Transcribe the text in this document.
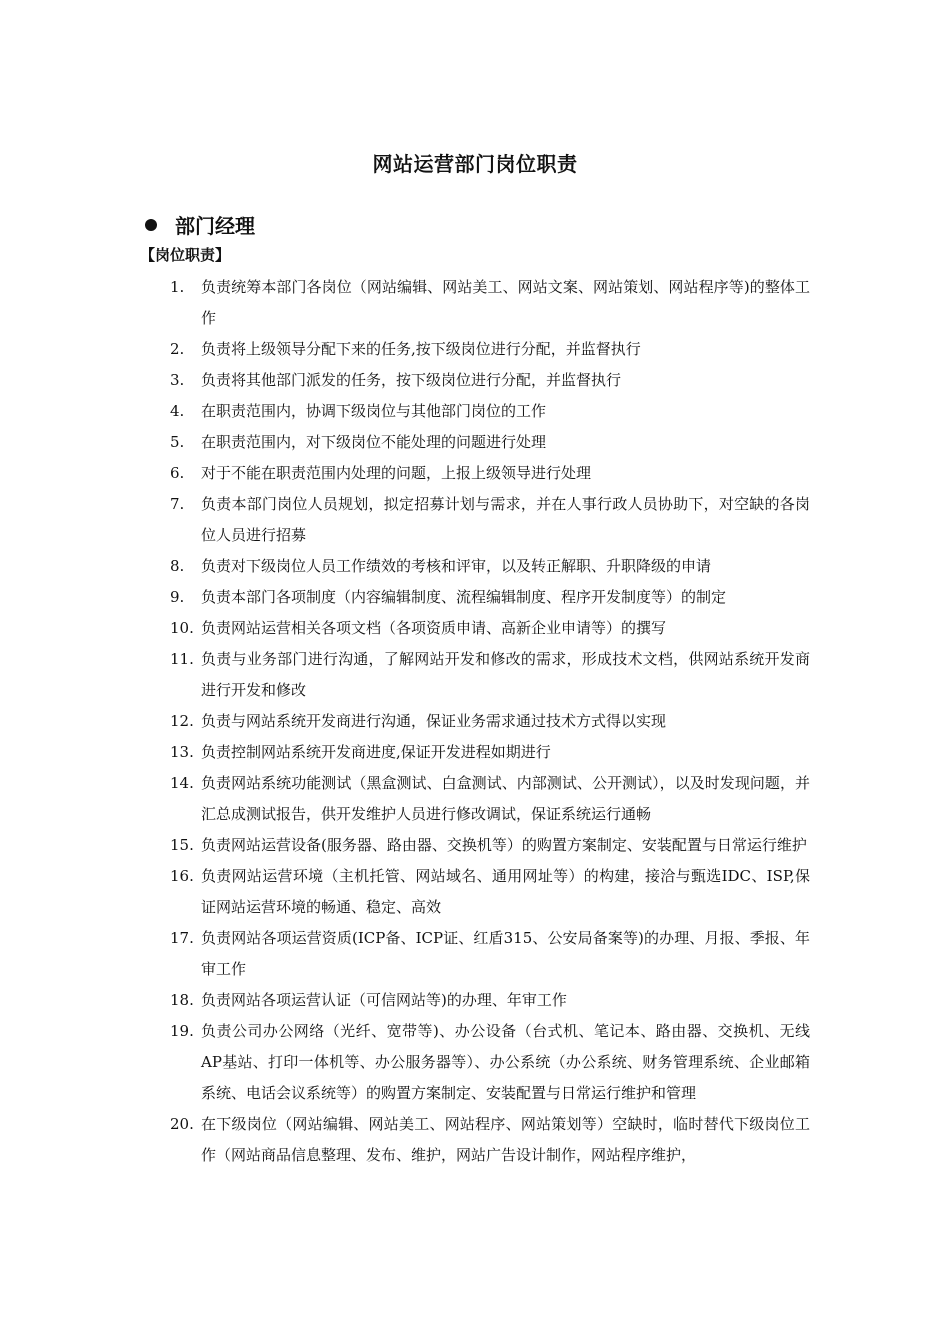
网站运营部门岗位职责
部门经理
【岗位职责】
1.	负责统筹本部门各岗位（网站编辑、网站美工、网站文案、网站策划、网站程序等)的整体工作
2.	负责将上级领导分配下来的任务,按下级岗位进行分配，并监督执行
3.	负责将其他部门派发的任务，按下级岗位进行分配，并监督执行
4.	在职责范围内，协调下级岗位与其他部门岗位的工作
5.	在职责范围内，对下级岗位不能处理的问题进行处理
6.	对于不能在职责范围内处理的问题，上报上级领导进行处理
7.	负责本部门岗位人员规划，拟定招募计划与需求，并在人事行政人员协助下，对空缺的各岗位人员进行招募
8.	负责对下级岗位人员工作绩效的考核和评审，以及转正解职、升职降级的申请
9.	负责本部门各项制度（内容编辑制度、流程编辑制度、程序开发制度等）的制定
10. 负责网站运营相关各项文档（各项资质申请、高新企业申请等）的撰写
11. 负责与业务部门进行沟通，了解网站开发和修改的需求，形成技术文档，供网站系统开发商进行开发和修改
12. 负责与网站系统开发商进行沟通，保证业务需求通过技术方式得以实现
13. 负责控制网站系统开发商进度,保证开发进程如期进行
14. 负责网站系统功能测试（黑盒测试、白盒测试、内部测试、公开测试），以及时发现问题，并汇总成测试报告，供开发维护人员进行修改调试，保证系统运行通畅
15. 负责网站运营设备(服务器、路由器、交换机等）的购置方案制定、安装配置与日常运行维护
16. 负责网站运营环境（主机托管、网站域名、通用网址等）的构建，接洽与甄选IDC、ISP,保证网站运营环境的畅通、稳定、高效
17. 负责网站各项运营资质(ICP备、ICP证、红盾315、公安局备案等)的办理、月报、季报、年审工作
18. 负责网站各项运营认证（可信网站等)的办理、年审工作
19. 负责公司办公网络（光纤、宽带等)、办公设备（台式机、笔记本、路由器、交换机、无线AP基站、打印一体机等、办公服务器等）、办公系统（办公系统、财务管理系统、企业邮箱系统、电话会议系统等）的购置方案制定、安装配置与日常运行维护和管理
20. 在下级岗位（网站编辑、网站美工、网站程序、网站策划等）空缺时，临时替代下级岗位工作（网站商品信息整理、发布、维护，网站广告设计制作，网站程序维护，
